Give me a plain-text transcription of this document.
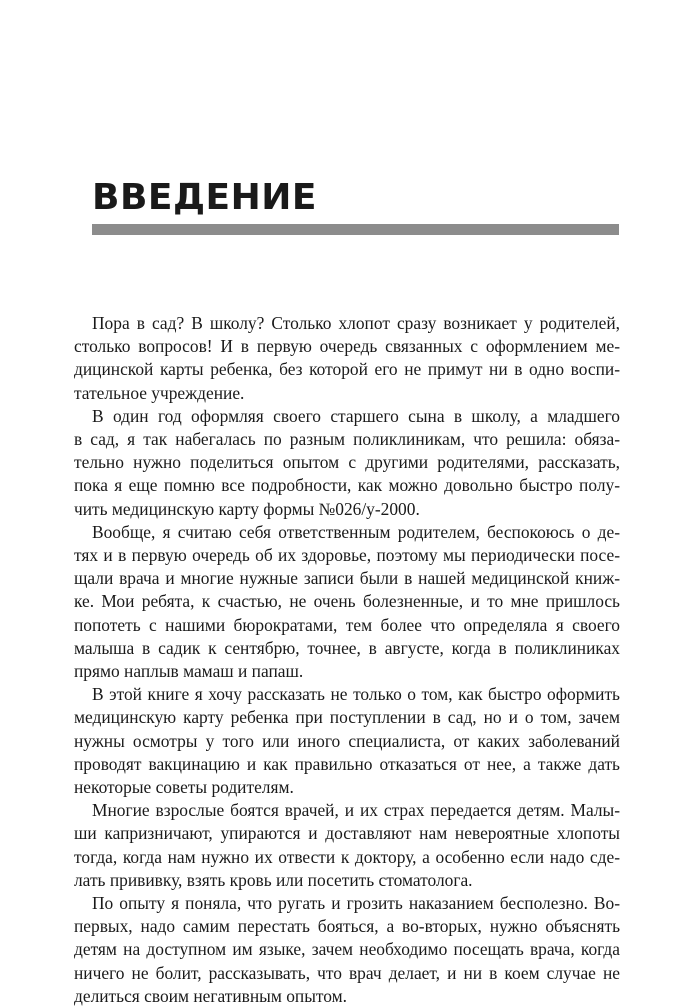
ВВЕДЕНИЕ

Пора в сад? В школу? Столько хлопот сразу возникает у родителей,
столько вопросов! И в первую очередь связанных с оформлением ме-
дицинской карты ребенка, без которой его не примут ни в одно воспи-
тательное учреждение.

В один год оформляя своего старшего сына в школу, а младшего
в сад, я так набегалась по разным поликлиникам, что решила: обяза-
тельно нужно поделиться опытом с другими родителями, рассказать,
пока я еще помню все подробности, как можно довольно быстро полу-
чить медицинскую карту формы №026/у-2000.

Вообще, я считаю себя ответственным родителем, беспокоюсь о де-
тях и в первую очередь об их здоровье, поэтому мы периодически посе-
щали врача и многие нужные записи были в нашей медицинской книж-
ке. Мои ребята, к счастью, не очень болезненные, и то мне пришлось
попотеть с нашими бюрократами, тем более что определяла я своего
малыша в садик к сентябрю, точнее, в августе, когда в поликлиниках
прямо наплыв мамаш и папаш.

В этой книге я хочу рассказать не только о том, как быстро оформить
медицинскую карту ребенка при поступлении в сад, но и о том, зачем
нужны осмотры у того или иного специалиста, от каких заболеваний
проводят вакцинацию и как правильно отказаться от нее, а также дать
некоторые советы родителям.

Многие взрослые боятся врачей, и их страх передается детям. Малы-
ши капризничают, упираются и доставляют нам невероятные хлопоты
тогда, когда нам нужно их отвести к доктору, а особенно если надо сде-
лать прививку, взять кровь или посетить стоматолога.

По опыту я поняла, что ругать и грозить наказанием бесполезно. Во-
первых, надо самим перестать бояться, а во-вторых, нужно объяснять
детям на доступном им языке, зачем необходимо посещать врача, когда
ничего не болит, рассказывать, что врач делает, и ни в коем случае не
делиться своим негативным опытом.
